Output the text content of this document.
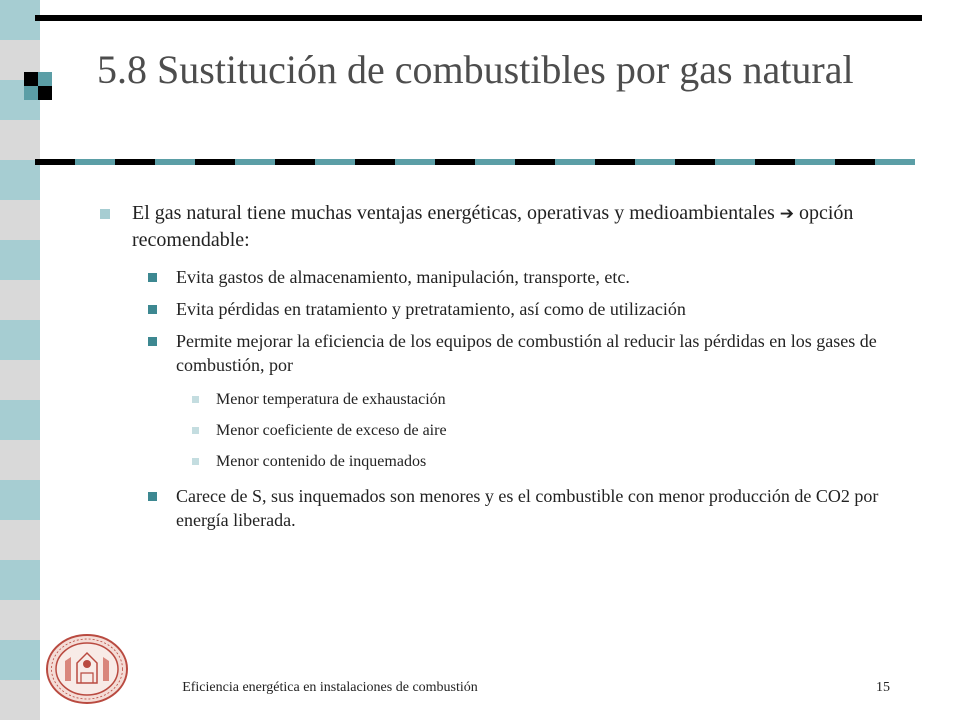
5.8 Sustitución de combustibles por gas natural
El gas natural tiene muchas ventajas energéticas, operativas y medioambientales ➔ opción recomendable:
Evita gastos de almacenamiento, manipulación, transporte, etc.
Evita pérdidas en tratamiento y pretratamiento, así como de utilización
Permite mejorar la eficiencia de los equipos de combustión al reducir las pérdidas en los gases de combustión, por
Menor temperatura de exhaustación
Menor coeficiente de exceso de aire
Menor contenido de inquemados
Carece de S, sus inquemados son menores y es el combustible con menor producción de CO2 por energía liberada.
Eficiencia energética en instalaciones de combustión	15
